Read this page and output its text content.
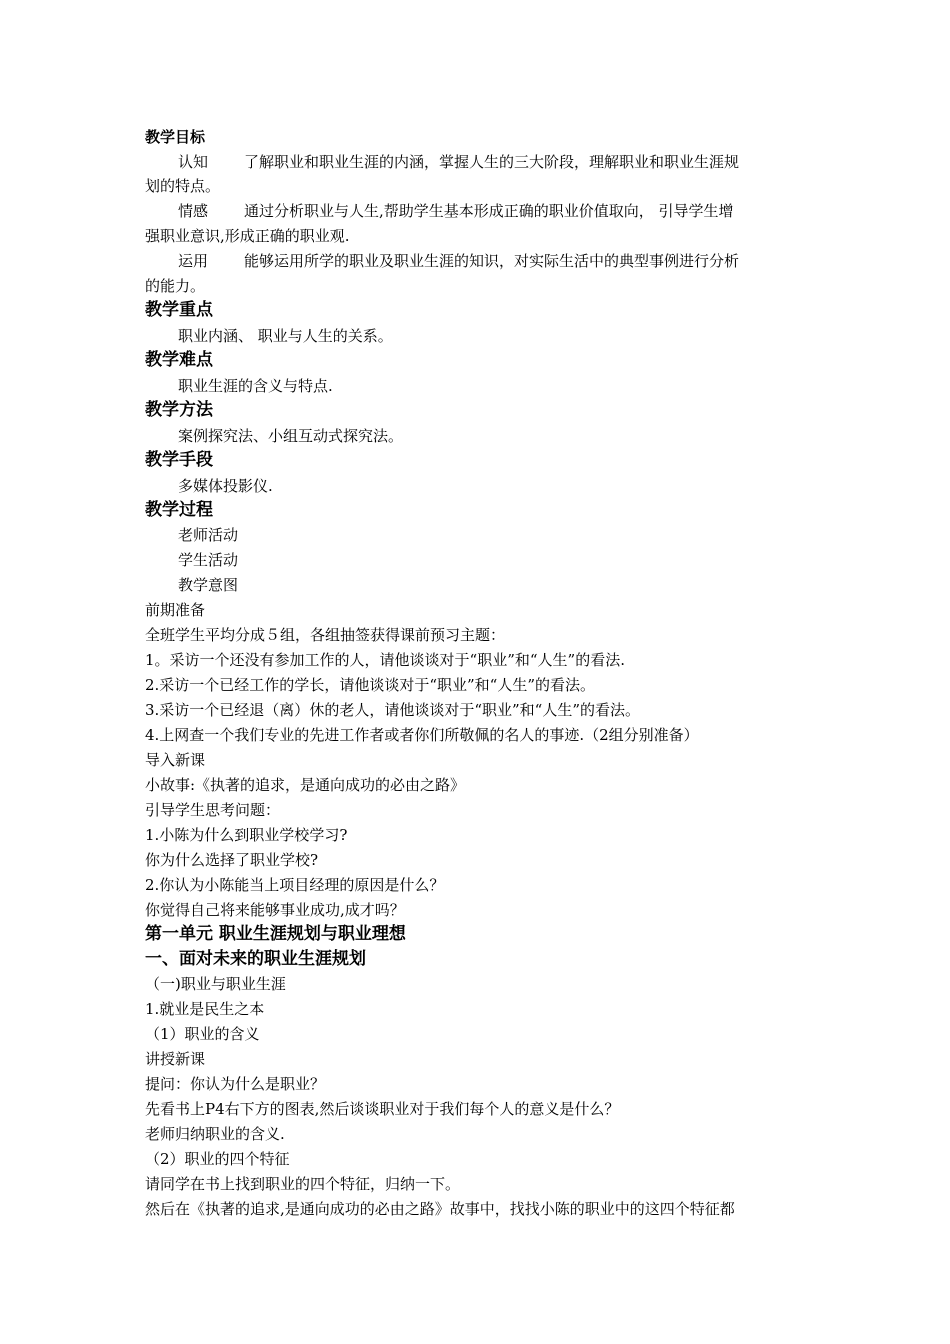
教学目标
认知 了解职业和职业生涯的内涵，掌握人生的三大阶段，理解职业和职业生涯规
划的特点。
情感 通过分析职业与人生,帮助学生基本形成正确的职业价值取向， 引导学生增
强职业意识,形成正确的职业观.
运用 能够运用所学的职业及职业生涯的知识，对实际生活中的典型事例进行分析
的能力。
教学重点
职业内涵、 职业与人生的关系。
教学难点
职业生涯的含义与特点.
教学方法
案例探究法、小组互动式探究法。
教学手段
多媒体投影仪.
教学过程
老师活动
学生活动
教学意图
前期准备
全班学生平均分成５组，各组抽签获得课前预习主题：
1。采访一个还没有参加工作的人，请他谈谈对于“职业”和“人生”的看法.
2.采访一个已经工作的学长，请他谈谈对于“职业”和“人生”的看法。
3.采访一个已经退（离）休的老人，请他谈谈对于“职业”和“人生”的看法。
4.上网查一个我们专业的先进工作者或者你们所敬佩的名人的事迹.（2组分别准备）
导入新课
小故事:《执著的追求，是通向成功的必由之路》
引导学生思考问题：
1.小陈为什么到职业学校学习?
你为什么选择了职业学校?
2.你认为小陈能当上项目经理的原因是什么？
你觉得自己将来能够事业成功,成才吗？
第一单元 职业生涯规划与职业理想
一、面对未来的职业生涯规划
（一)职业与职业生涯
1.就业是民生之本
（1）职业的含义
讲授新课
提问：你认为什么是职业？
先看书上P4右下方的图表,然后谈谈职业对于我们每个人的意义是什么？
老师归纳职业的含义.
（2）职业的四个特征
请同学在书上找到职业的四个特征，归纳一下。
然后在《执著的追求,是通向成功的必由之路》故事中，找找小陈的职业中的这四个特征都
